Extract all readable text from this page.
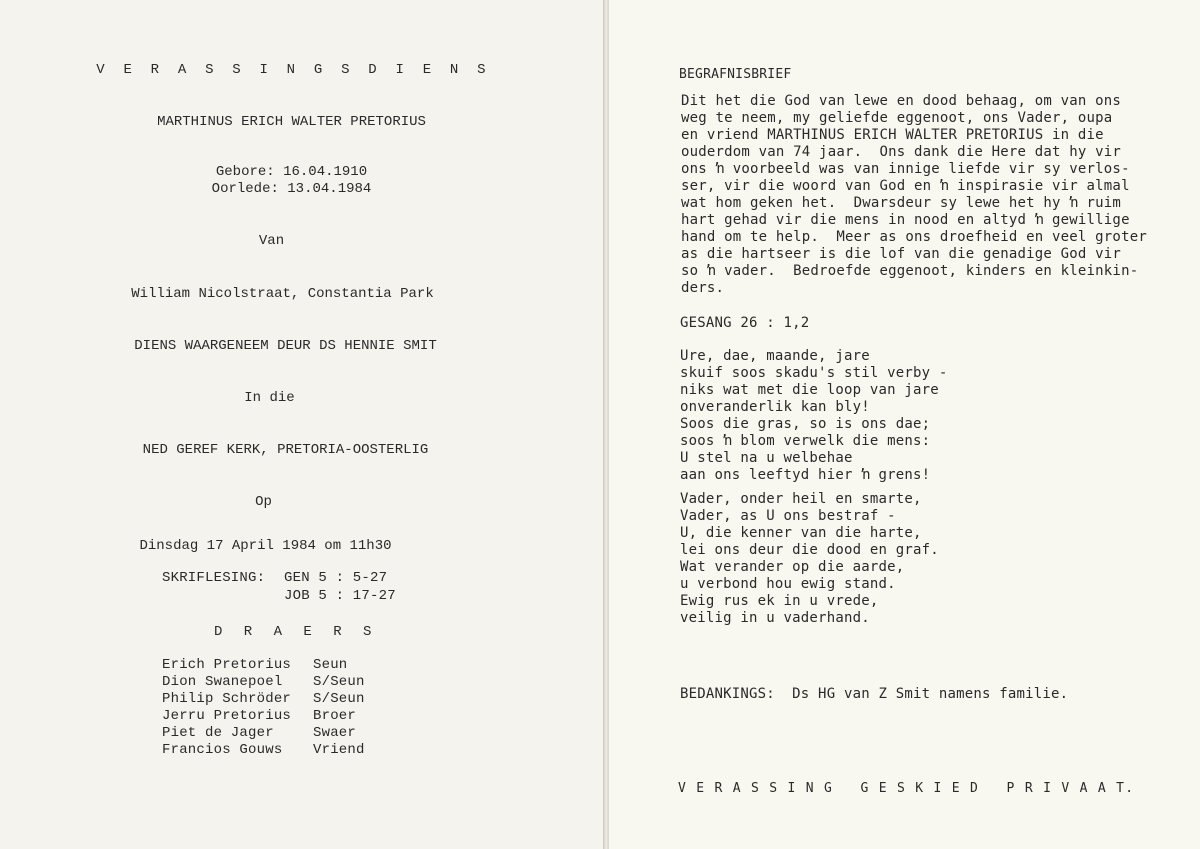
V E R A S S I N G S D I E N S
MARTHINUS ERICH WALTER PRETORIUS
Gebore: 16.04.1910
Oorlede: 13.04.1984
Van
William Nicolstraat, Constantia Park
DIENS WAARGENEEM DEUR DS HENNIE SMIT
In die
NED GEREF KERK, PRETORIA-OOSTERLIG
Op
Dinsdag 17 April 1984 om 11h30
SKRIFLESING: GEN 5 : 5-27
JOB 5 : 17-27
D R A E R S
Erich Pretorius Seun
Dion Swanepoel S/Seun
Philip Schröder S/Seun
Jerru Pretorius Broer
Piet de Jager	Swaer
Francios Gouws Vriend
BEGRAFNISBRIEF
Dit het die God van lewe en dood behaag, om van ons
weg te neem, my geliefde eggenoot, ons Vader, oupa
en vriend MARTHINUS ERICH WALTER PRETORIUS in die
ouderdom van 74 jaar.  Ons dank die Here dat hy vir
ons ŉ voorbeeld was van innige liefde vir sy verlos-
ser, vir die woord van God en ŉ inspirasie vir almal
wat hom geken het.  Dwarsdeur sy lewe het hy ŉ ruim
hart gehad vir die mens in nood en altyd ŉ gewillige
hand om te help.  Meer as ons droefheid en veel groter
as die hartseer is die lof van die genadige God vir
so ŉ vader.  Bedroefde eggenoot, kinders en kleinkin-
ders.
GESANG 26 : 1,2
Ure, dae, maande, jare
skuif soos skadu's stil verby -
niks wat met die loop van jare
onveranderlik kan bly!
Soos die gras, so is ons dae;
soos ŉ blom verwelk die mens:
U stel na u welbehae
aan ons leeftyd hier ŉ grens!
Vader, onder heil en smarte,
Vader, as U ons bestraf -
U, die kenner van die harte,
lei ons deur die dood en graf.
Wat verander op die aarde,
u verbond hou ewig stand.
Ewig rus ek in u vrede,
veilig in u vaderhand.
BEDANKINGS:  Ds HG van Z Smit namens familie.
V E R A S S I N G   G E S K I E D   P R I V A A T.
